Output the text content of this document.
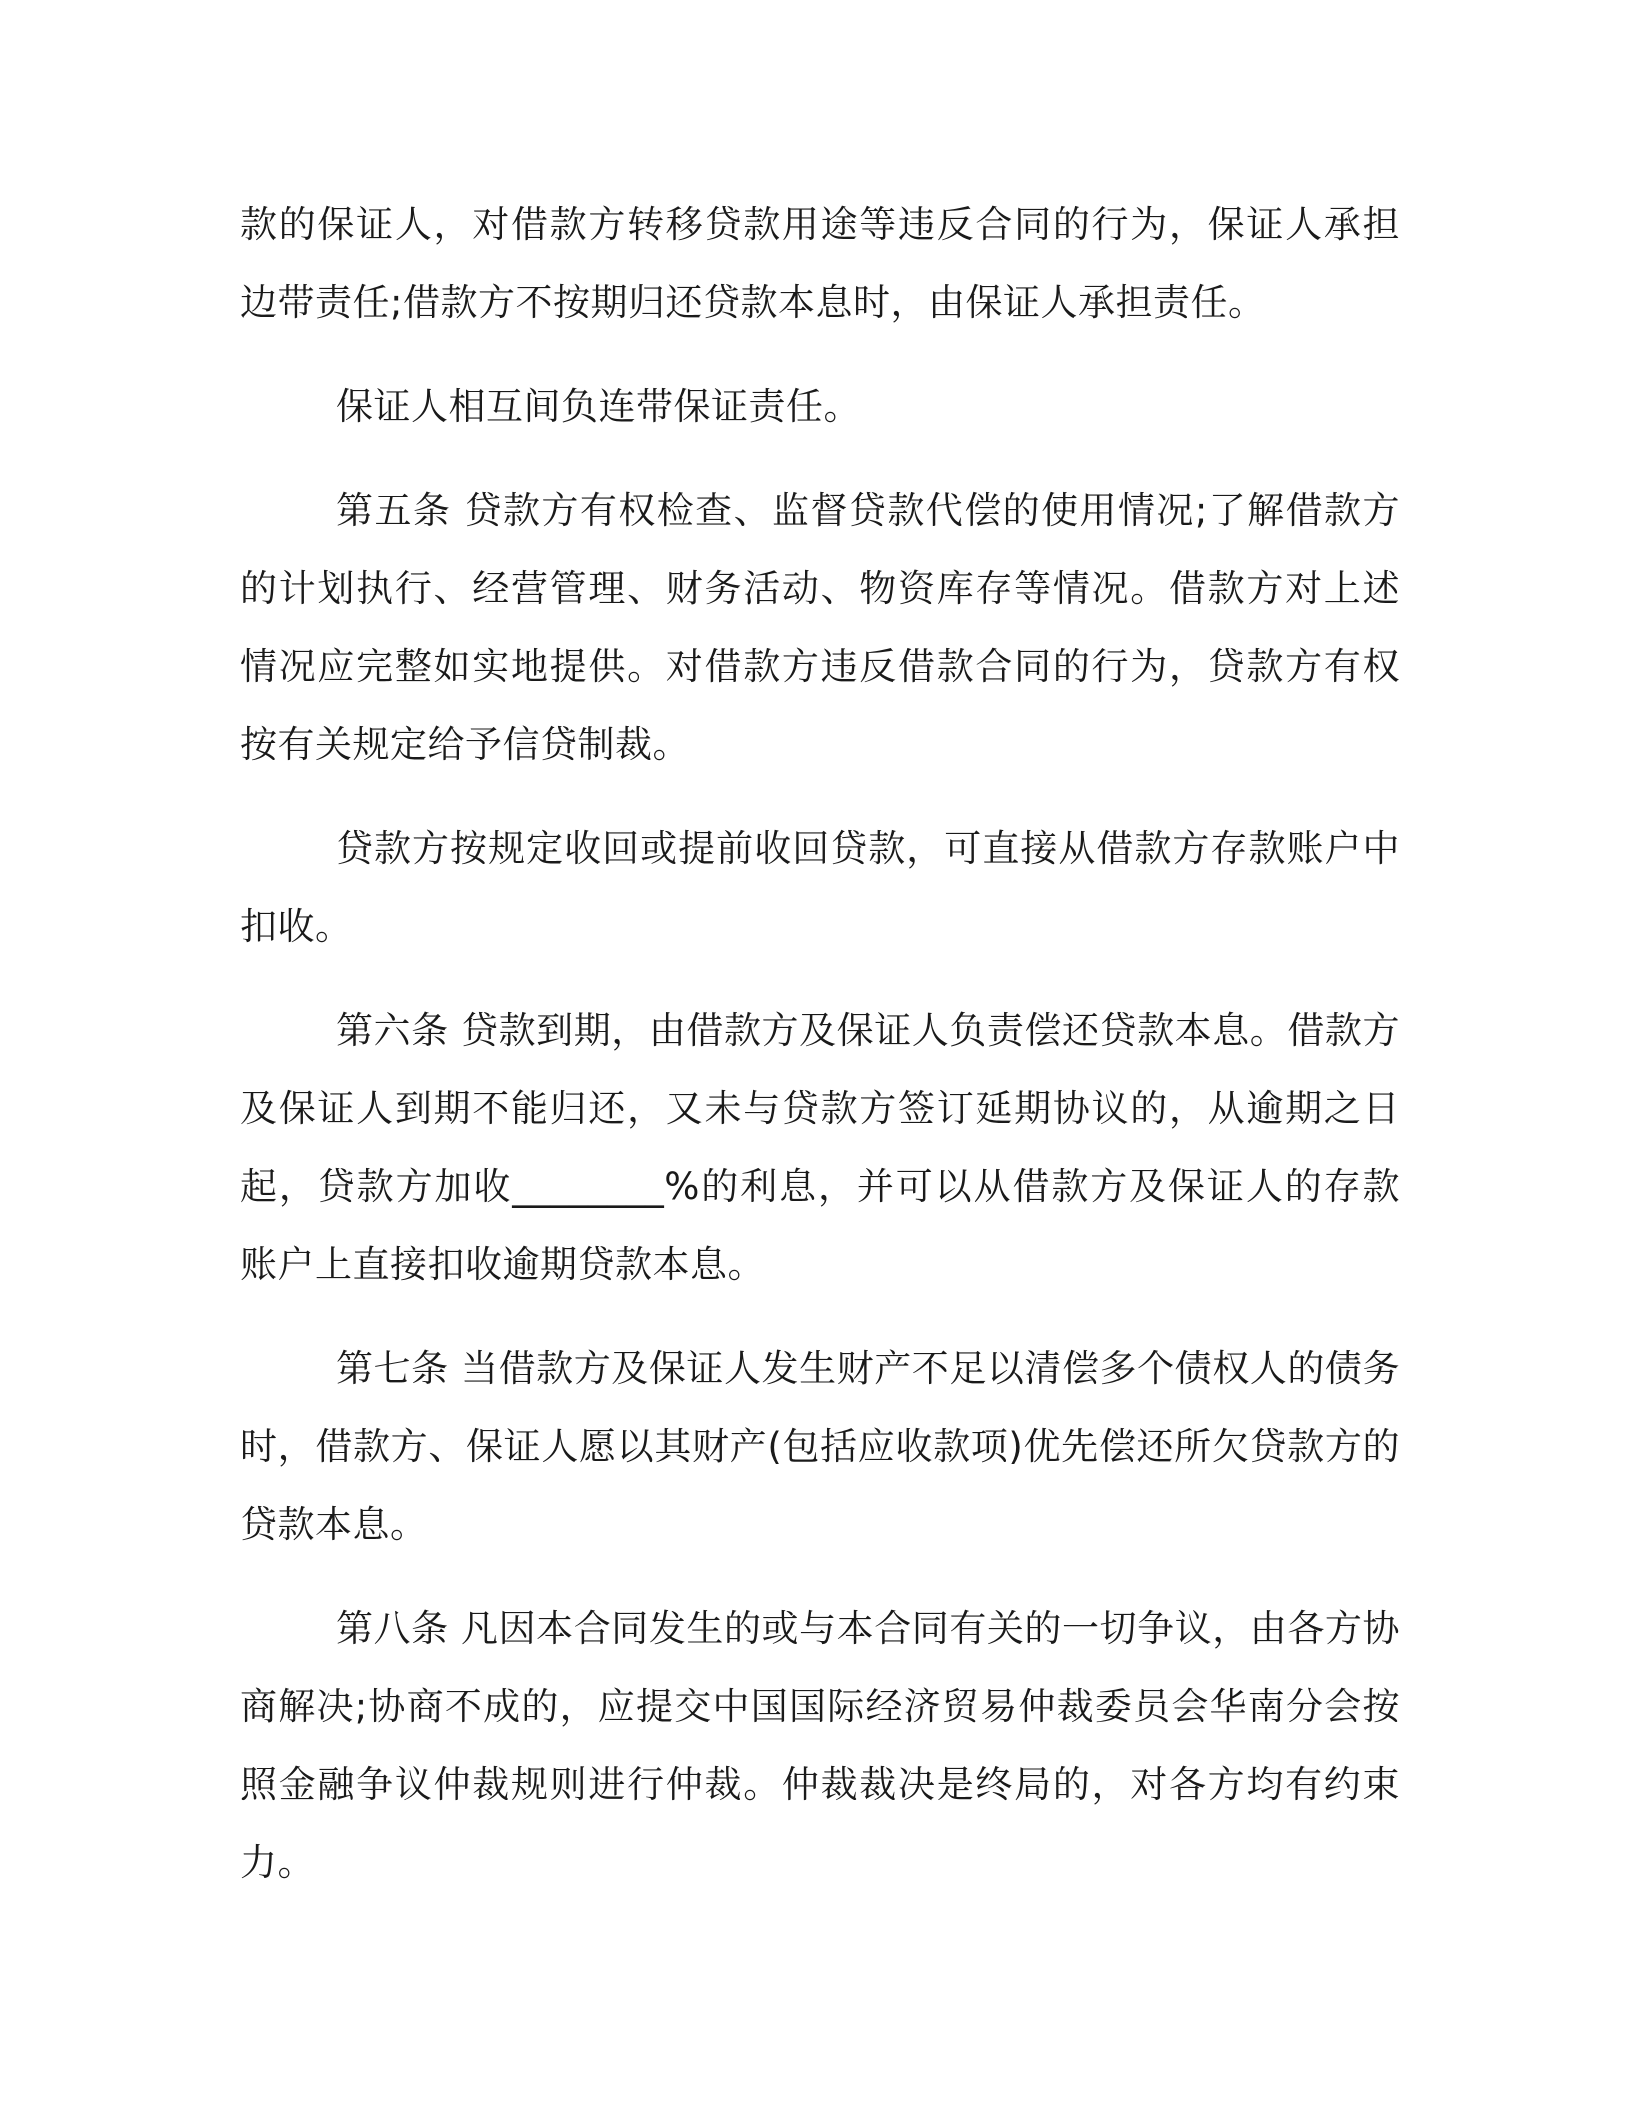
款的保证人，对借款方转移贷款用途等违反合同的行为，保证人承担边带责任;借款方不按期归还贷款本息时，由保证人承担责任。

保证人相互间负连带保证责任。

第五条 贷款方有权检查、监督贷款代偿的使用情况;了解借款方的计划执行、经营管理、财务活动、物资库存等情况。借款方对上述情况应完整如实地提供。对借款方违反借款合同的行为，贷款方有权按有关规定给予信贷制裁。

贷款方按规定收回或提前收回贷款，可直接从借款方存款账户中扣收。

第六条 贷款到期，由借款方及保证人负责偿还贷款本息。借款方及保证人到期不能归还，又未与贷款方签订延期协议的，从逾期之日起，贷款方加收________%的利息，并可以从借款方及保证人的存款账户上直接扣收逾期贷款本息。

第七条 当借款方及保证人发生财产不足以清偿多个债权人的债务时，借款方、保证人愿以其财产(包括应收款项)优先偿还所欠贷款方的贷款本息。

第八条 凡因本合同发生的或与本合同有关的一切争议，由各方协商解决;协商不成的，应提交中国国际经济贸易仲裁委员会华南分会按照金融争议仲裁规则进行仲裁。仲裁裁决是终局的，对各方均有约束力。
